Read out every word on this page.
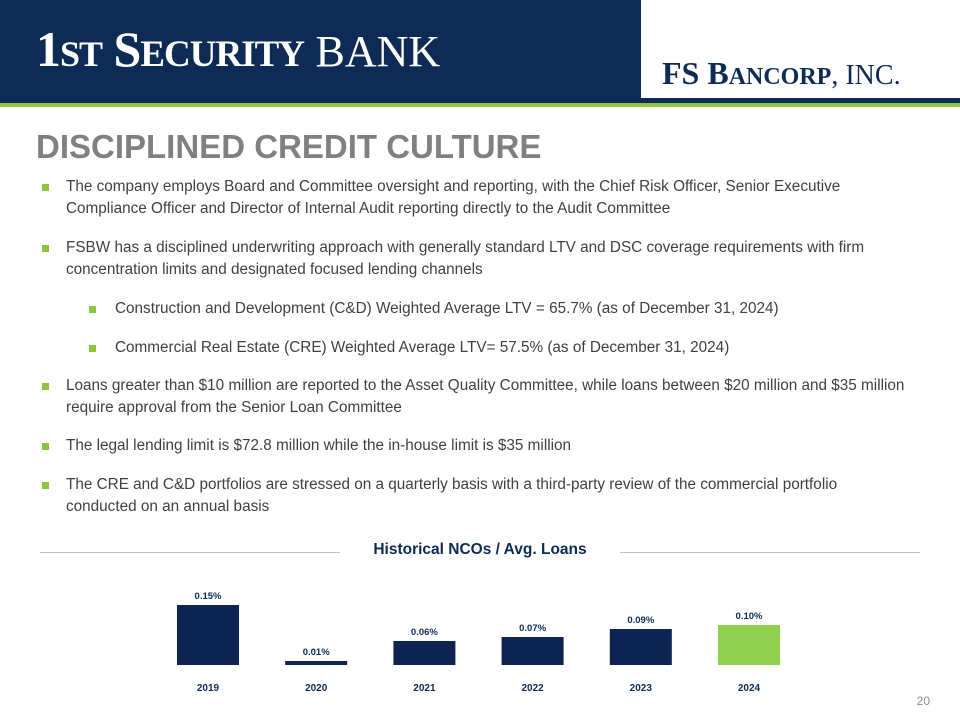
1ST SECURITY BANK	FS BANCORP, INC.
DISCIPLINED CREDIT CULTURE
The company employs Board and Committee oversight and reporting, with the Chief Risk Officer, Senior Executive Compliance Officer and Director of Internal Audit reporting directly to the Audit Committee
FSBW has a disciplined underwriting approach with generally standard LTV and DSC coverage requirements with firm concentration limits and designated focused lending channels
Construction and Development (C&D) Weighted Average LTV = 65.7% (as of December 31, 2024)
Commercial Real Estate (CRE) Weighted Average LTV= 57.5% (as of December 31, 2024)
Loans greater than $10 million are reported to the Asset Quality Committee, while loans between $20 million and $35 million require approval from the Senior Loan Committee
The legal lending limit is $72.8 million while the in-house limit is $35 million
The CRE and C&D portfolios are stressed on a quarterly basis with a third-party review of the commercial portfolio conducted on an annual basis
Historical NCOs / Avg. Loans
0.15%
2019
0.01%
2020
0.06%
2021
0.07%
2022
0.09%
2023
0.10%
2024
20
